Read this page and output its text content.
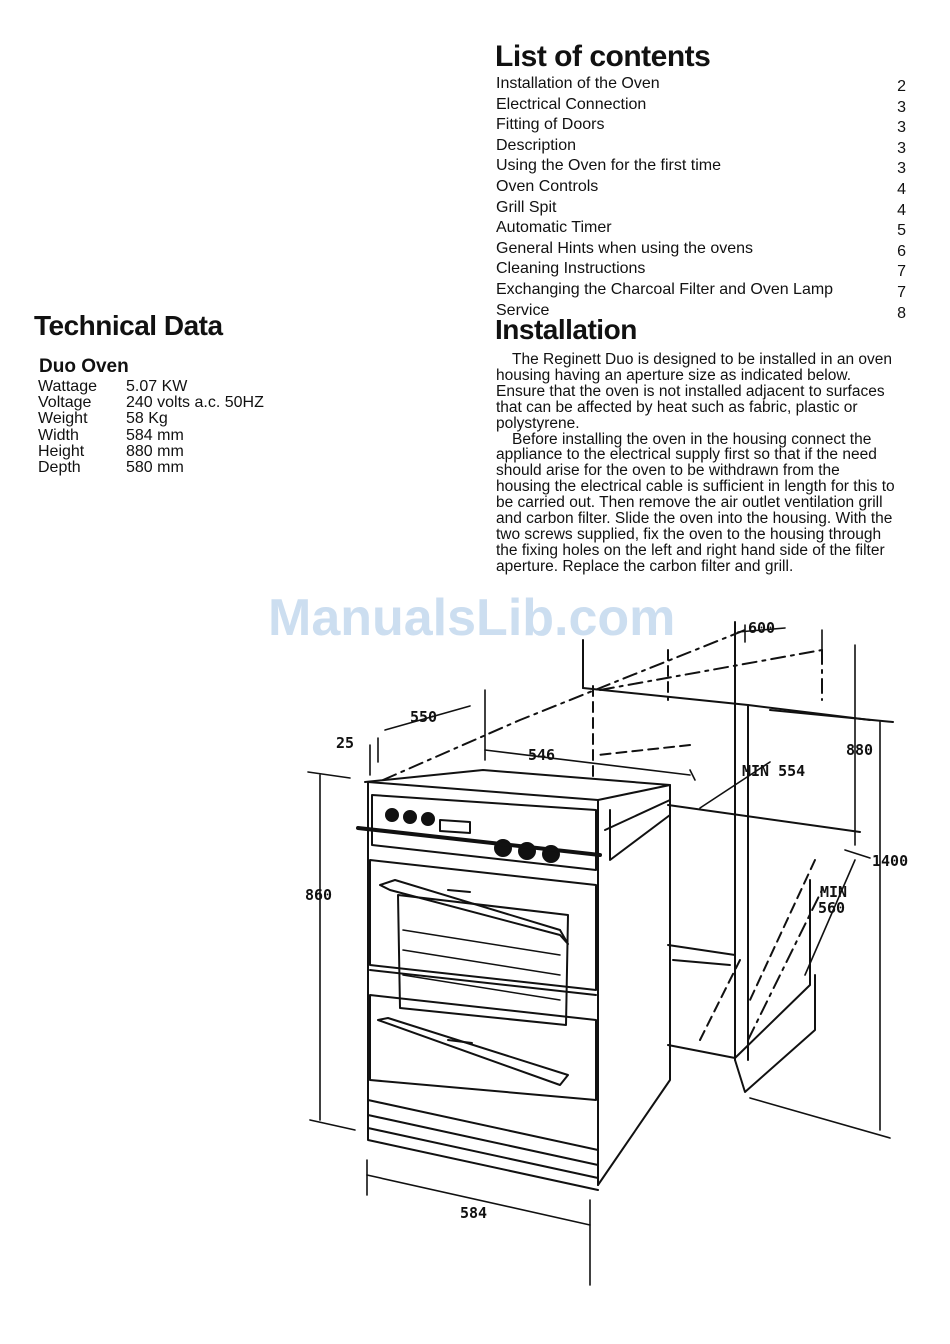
List of contents
Installation of the Oven	2
Electrical Connection	3
Fitting of Doors	3
Description	3
Using the Oven for the first time	3
Oven Controls	4
Grill Spit	4
Automatic Timer	5
General Hints when using the ovens	6
Cleaning Instructions	7
Exchanging the Charcoal Filter and Oven Lamp	7
Service	8
Technical Data
Duo Oven
Wattage	5.07 KW
Voltage	240 volts a.c. 50HZ
Weight	58 Kg
Width	584 mm
Height	880 mm
Depth	580 mm
Installation

The Reginett Duo is designed to be installed in an oven housing having an aperture size as indicated below. Ensure that the oven is not installed adjacent to surfaces that can be affected by heat such as fabric, plastic or polystyrene.

Before installing the oven in the housing connect the appliance to the electrical supply first so that if the need should arise for the oven to be withdrawn from the housing the electrical cable is sufficient in length for this to be carried out. Then remove the air outlet ventilation grill and carbon filter. Slide the oven into the housing. With the two screws supplied, fix the oven to the housing through the fixing holes on the left and right hand side of the filter aperture. Replace the carbon filter and grill.

ManualsLib.com	600
550
25
546	880
MIN 554
1400
MIN
560
860
584
